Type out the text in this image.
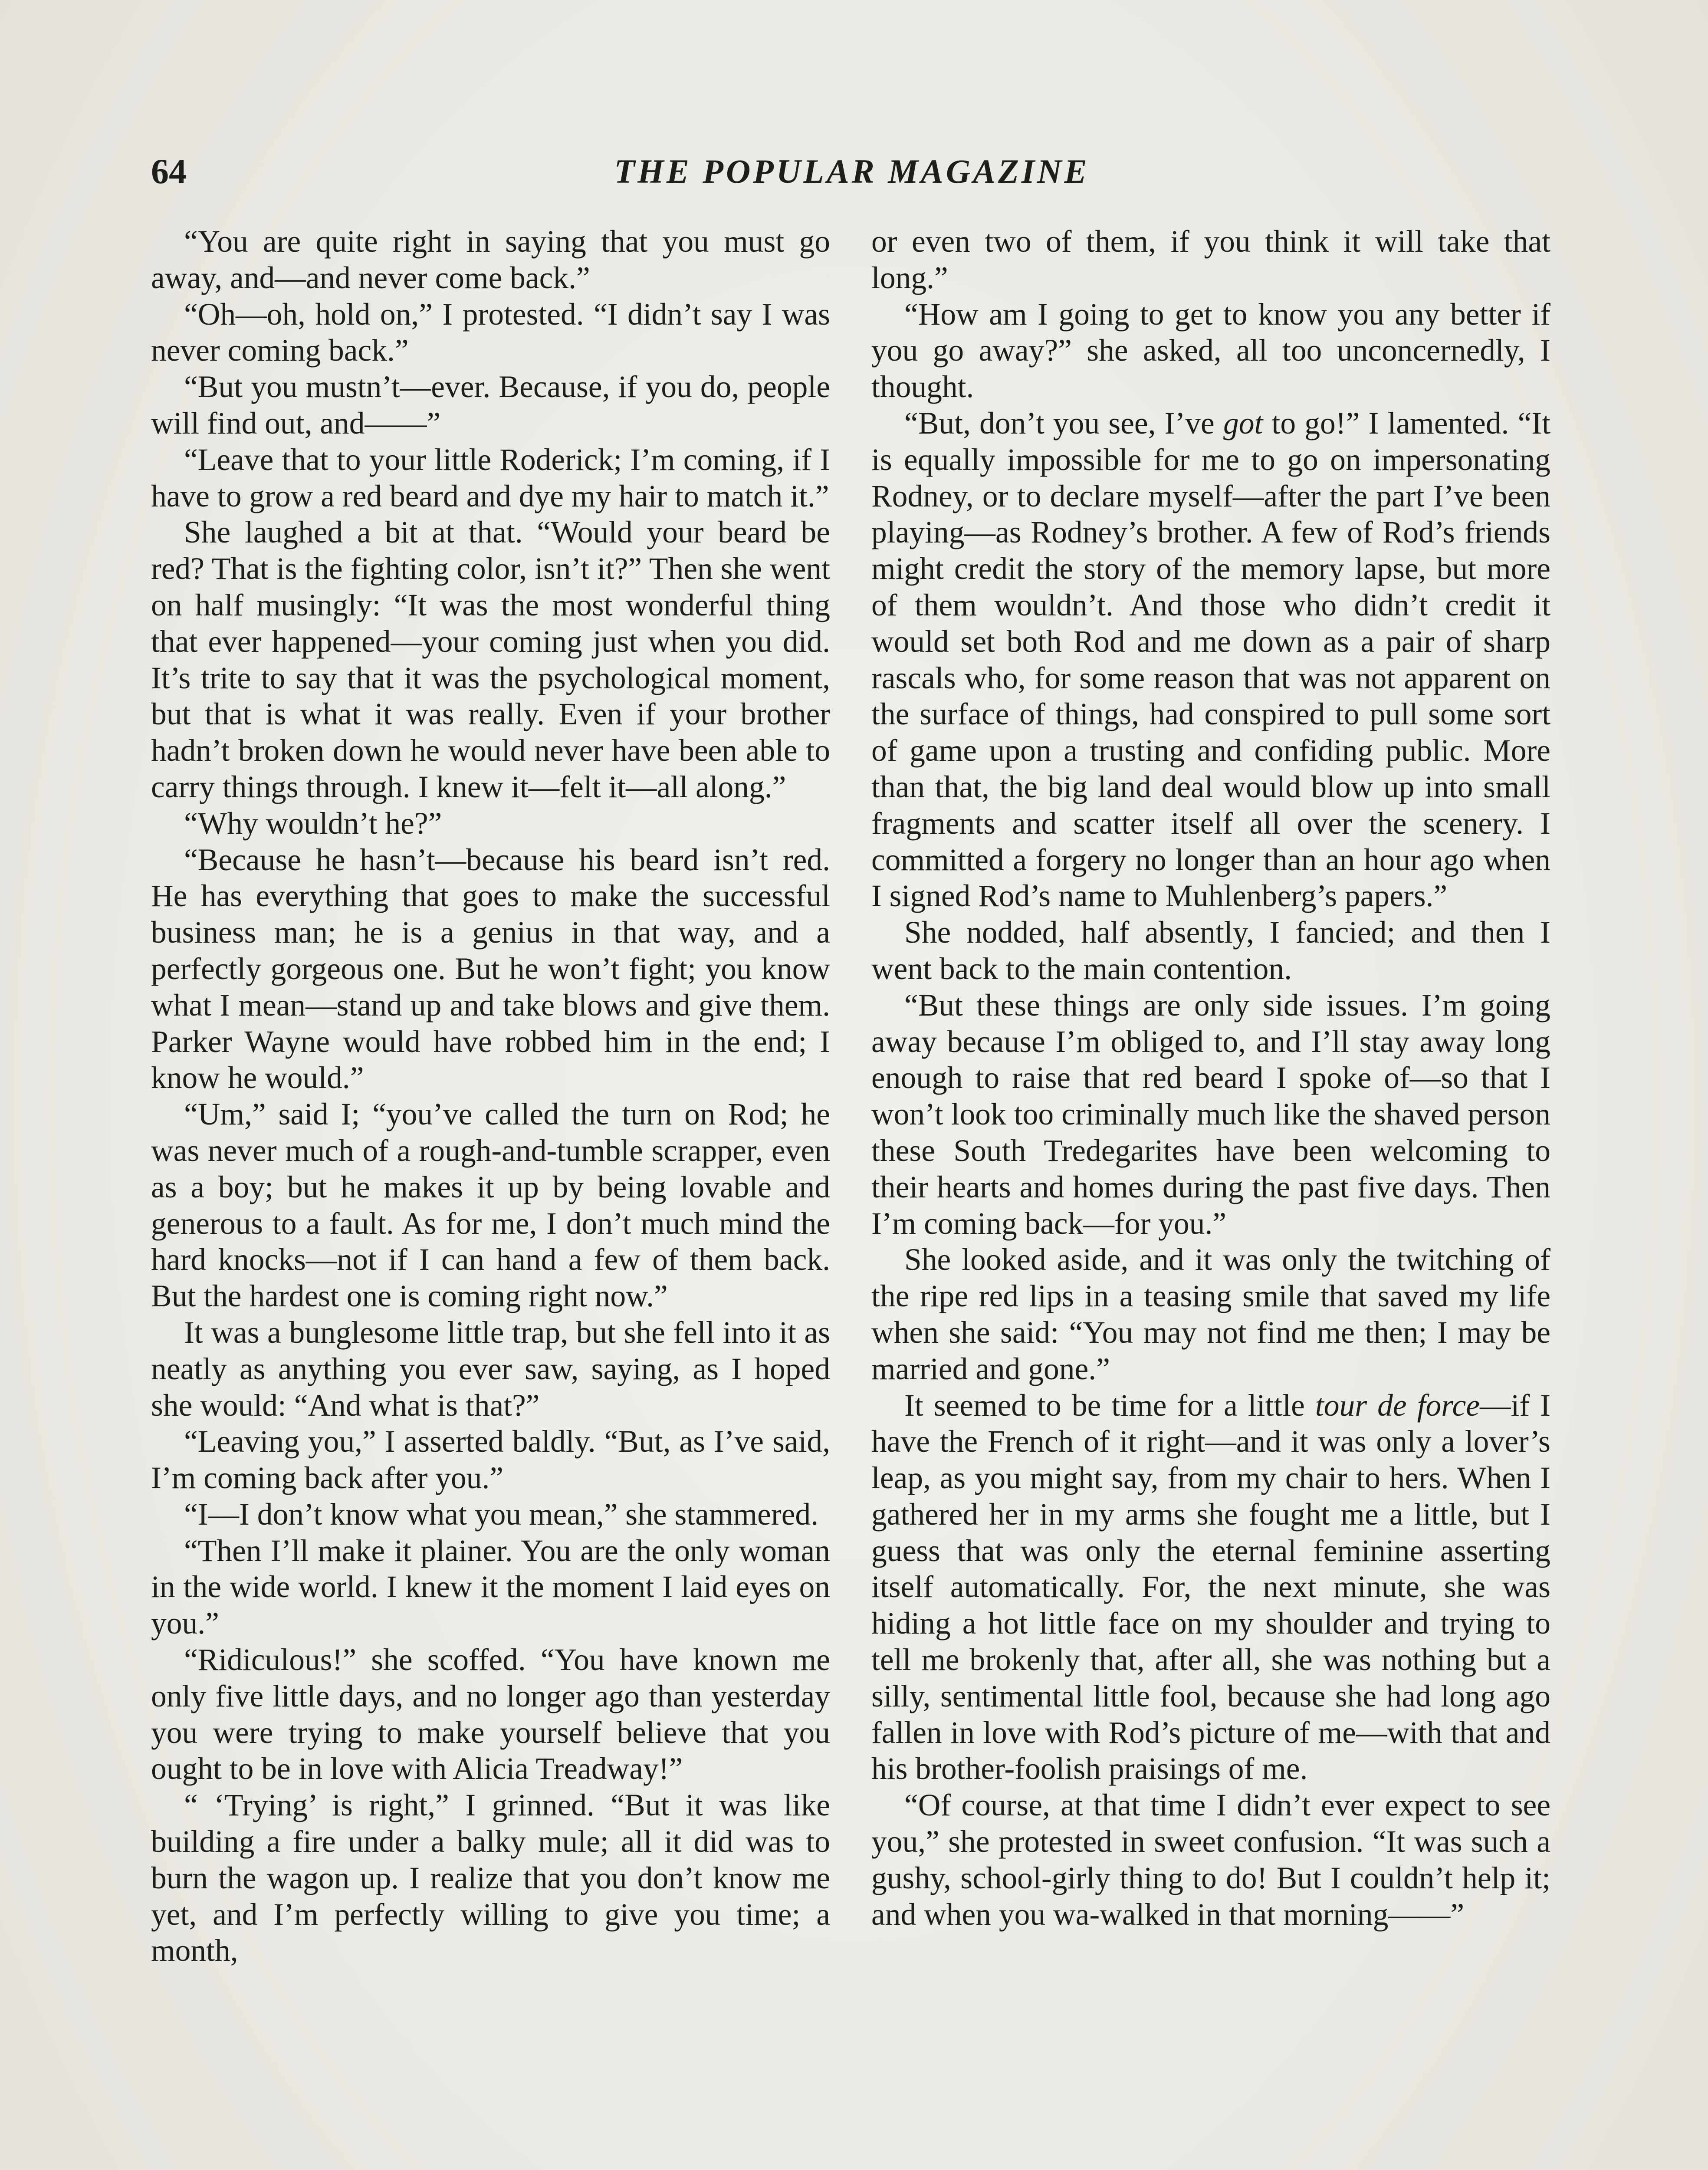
64	THE POPULAR MAGAZINE

“You are quite right in saying that you must go away, and—and never come back.”

“Oh—oh, hold on,” I protested. “I didn’t say I was never coming back.”

“But you mustn’t—ever. Because, if you do, people will find out, and——”

“Leave that to your little Roderick; I’m coming, if I have to grow a red beard and dye my hair to match it.”

She laughed a bit at that. “Would your beard be red? That is the fighting color, isn’t it?” Then she went on half musingly: “It was the most wonderful thing that ever happened—your coming just when you did. It’s trite to say that it was the psychological moment, but that is what it was really. Even if your brother hadn’t broken down he would never have been able to carry things through. I knew it—felt it—all along.”

“Why wouldn’t he?”

“Because he hasn’t—because his beard isn’t red. He has everything that goes to make the successful business man; he is a genius in that way, and a perfectly gorgeous one. But he won’t fight; you know what I mean—stand up and take blows and give them. Parker Wayne would have robbed him in the end; I know he would.”

“Um,” said I; “you’ve called the turn on Rod; he was never much of a rough-and-tumble scrapper, even as a boy; but he makes it up by being lovable and generous to a fault. As for me, I don’t much mind the hard knocks—not if I can hand a few of them back. But the hardest one is coming right now.”

It was a bunglesome little trap, but she fell into it as neatly as anything you ever saw, saying, as I hoped she would: “And what is that?”

“Leaving you,” I asserted baldly. “But, as I’ve said, I’m coming back after you.”

“I—I don’t know what you mean,” she stammered.

“Then I’ll make it plainer. You are the only woman in the wide world. I knew it the moment I laid eyes on you.”

“Ridiculous!” she scoffed. “You have known me only five little days, and no longer ago than yesterday you were trying to make yourself believe that you ought to be in love with Alicia Treadway!”

“ ‘Trying’ is right,” I grinned. “But it was like building a fire under a balky mule; all it did was to burn the wagon up. I realize that you don’t know me yet, and I’m perfectly willing to give you time; a month,

or even two of them, if you think it will take that long.”

“How am I going to get to know you any better if you go away?” she asked, all too unconcernedly, I thought.

“But, don’t you see, I’ve got to go!” I lamented. “It is equally impossible for me to go on impersonating Rodney, or to declare myself—after the part I’ve been playing—as Rodney’s brother. A few of Rod’s friends might credit the story of the memory lapse, but more of them wouldn’t. And those who didn’t credit it would set both Rod and me down as a pair of sharp rascals who, for some reason that was not apparent on the surface of things, had conspired to pull some sort of game upon a trusting and confiding public. More than that, the big land deal would blow up into small fragments and scatter itself all over the scenery. I committed a forgery no longer than an hour ago when I signed Rod’s name to Muhlenberg’s papers.”

She nodded, half absently, I fancied; and then I went back to the main contention.

“But these things are only side issues. I’m going away because I’m obliged to, and I’ll stay away long enough to raise that red beard I spoke of—so that I won’t look too criminally much like the shaved person these South Tredegarites have been welcoming to their hearts and homes during the past five days. Then I’m coming back—for you.”

She looked aside, and it was only the twitching of the ripe red lips in a teasing smile that saved my life when she said: “You may not find me then; I may be married and gone.”

It seemed to be time for a little tour de force—if I have the French of it right—and it was only a lover’s leap, as you might say, from my chair to hers. When I gathered her in my arms she fought me a little, but I guess that was only the eternal feminine asserting itself automatically. For, the next minute, she was hiding a hot little face on my shoulder and trying to tell me brokenly that, after all, she was nothing but a silly, sentimental little fool, because she had long ago fallen in love with Rod’s picture of me—with that and his brother-foolish praisings of me.

“Of course, at that time I didn’t ever expect to see you,” she protested in sweet confusion. “It was such a gushy, school-girly thing to do! But I couldn’t help it; and when you wa-walked in that morning——”
